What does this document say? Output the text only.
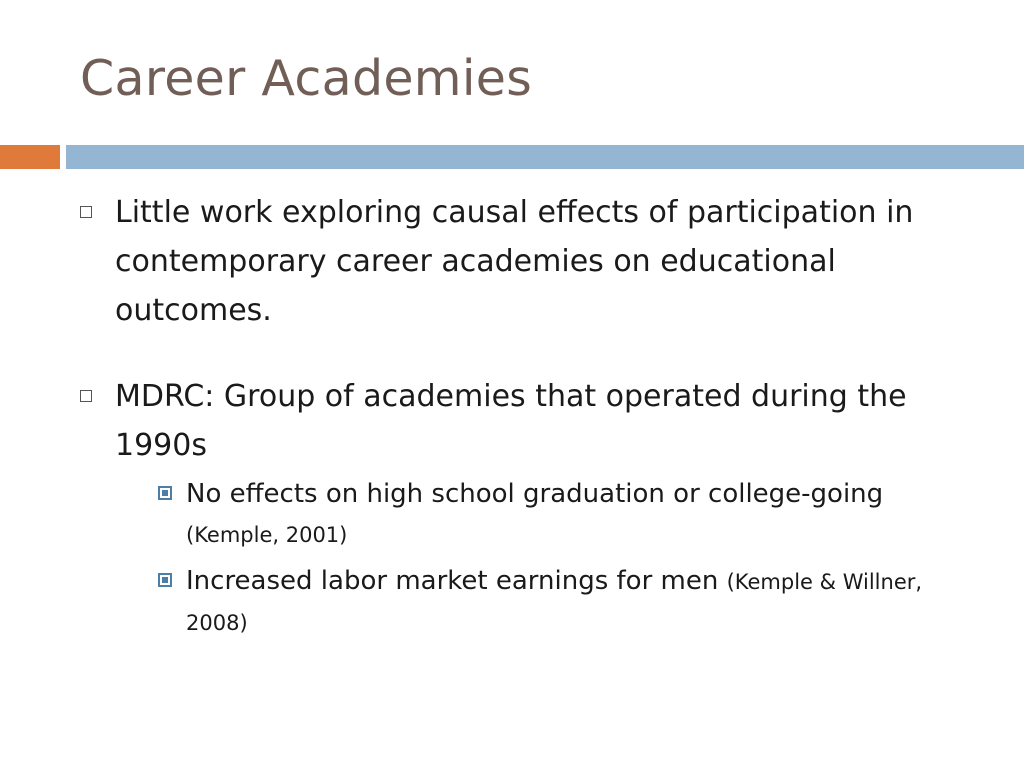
Career Academies
Little work exploring causal effects of participation in contemporary career academies on educational outcomes.
MDRC: Group of academies that operated during the 1990s
No effects on high school graduation or college-going (Kemple, 2001)
Increased labor market earnings for men (Kemple & Willner, 2008)
